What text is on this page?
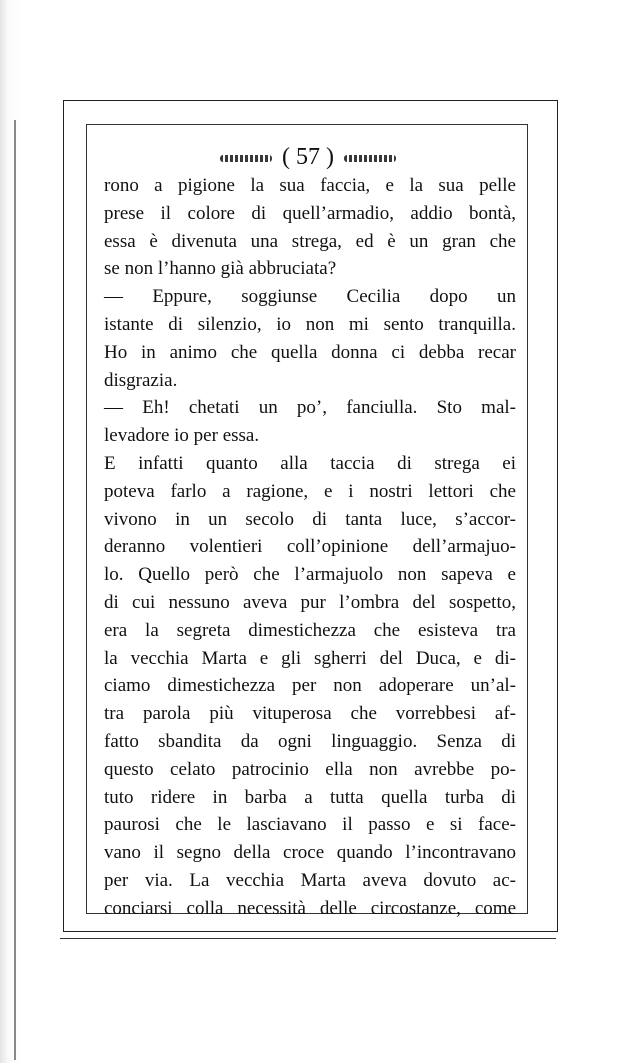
( 57 )
rono a pigione la sua faccia, e la sua pelle
prese il colore di quell’armadio, addio bontà,
essa è divenuta una strega, ed è un gran che
se non l’hanno già abbruciata?
— Eppure, soggiunse Cecilia dopo un
istante di silenzio, io non mi sento tranquilla.
Ho in animo che quella donna ci debba recar
disgrazia.
— Eh! chetati un po’, fanciulla. Sto mal-
levadore io per essa.
E infatti quanto alla taccia di strega ei
poteva farlo a ragione, e i nostri lettori che
vivono in un secolo di tanta luce, s’accor-
deranno volentieri coll’opinione dell’armajuo-
lo. Quello però che l’armajuolo non sapeva e
di cui nessuno aveva pur l’ombra del sospetto,
era la segreta dimestichezza che esisteva tra
la vecchia Marta e gli sgherri del Duca, e di-
ciamo dimestichezza per non adoperare un’al-
tra parola più vituperosa che vorrebbesi af-
fatto sbandita da ogni linguaggio. Senza di
questo celato patrocinio ella non avrebbe po-
tuto ridere in barba a tutta quella turba di
paurosi che le lasciavano il passo e si face-
vano il segno della croce quando l’incontravano
per via. La vecchia Marta aveva dovuto ac-
conciarsi colla necessità delle circostanze, come
